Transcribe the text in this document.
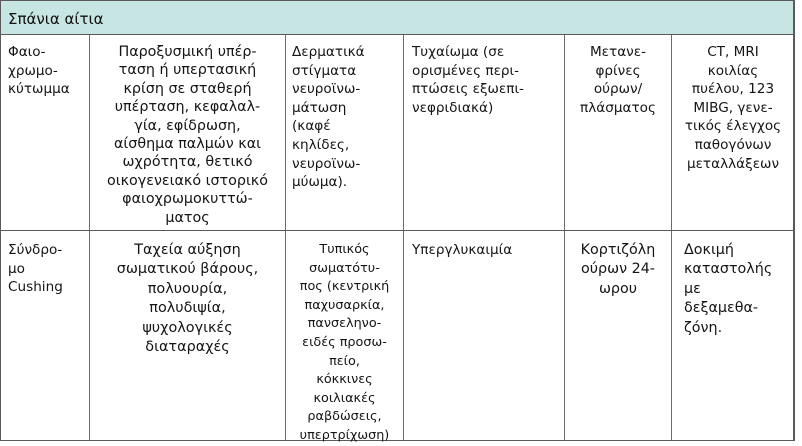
Σπάνια αίτια
Φαιο-
χρωμο-
κύτωμμα
Παροξυσμική υπέρ-
ταση ή υπερτασική
κρίση σε σταθερή
υπέρταση, κεφαλαλ-
γία, εφίδρωση,
αίσθημα παλμών και
ωχρότητα, θετικό
οικογενειακό ιστορικό
φαιοχρωμοκυττώ-
ματος
Δερματικά
στίγματα
νευροϊνω-
μάτωση
(καφέ
κηλίδες,
νευροϊνω-
μύωμα).
Τυχαίωμα (σε
ορισμένες περι-
πτώσεις εξωεπι-
νεφριδιακά)
Μετανε-
φρίνες
ούρων/
πλάσματος
CT, MRI
κοιλίας
πυέλου, 123
MIBG, γενε-
τικός έλεγχος
παθογόνων
μεταλλάξεων
Σύνδρο-
μο
Cushing
Ταχεία αύξηση
σωματικού βάρους,
πολυουρία,
πολυδιψία,
ψυχολογικές
διαταραχές
Τυπικός
σωματότυ-
πος (κεντρική
παχυσαρκία,
πανσεληνο-
ειδές προσω-
πείο,
κόκκινες
κοιλιακές
ραβδώσεις,
υπερτρίχωση)
Υπεργλυκαιμία	Κορτιζόλη
ούρων 24-
ωρου
Δοκιμή
καταστολής
με
δεξαμεθα-
ζόνη.
